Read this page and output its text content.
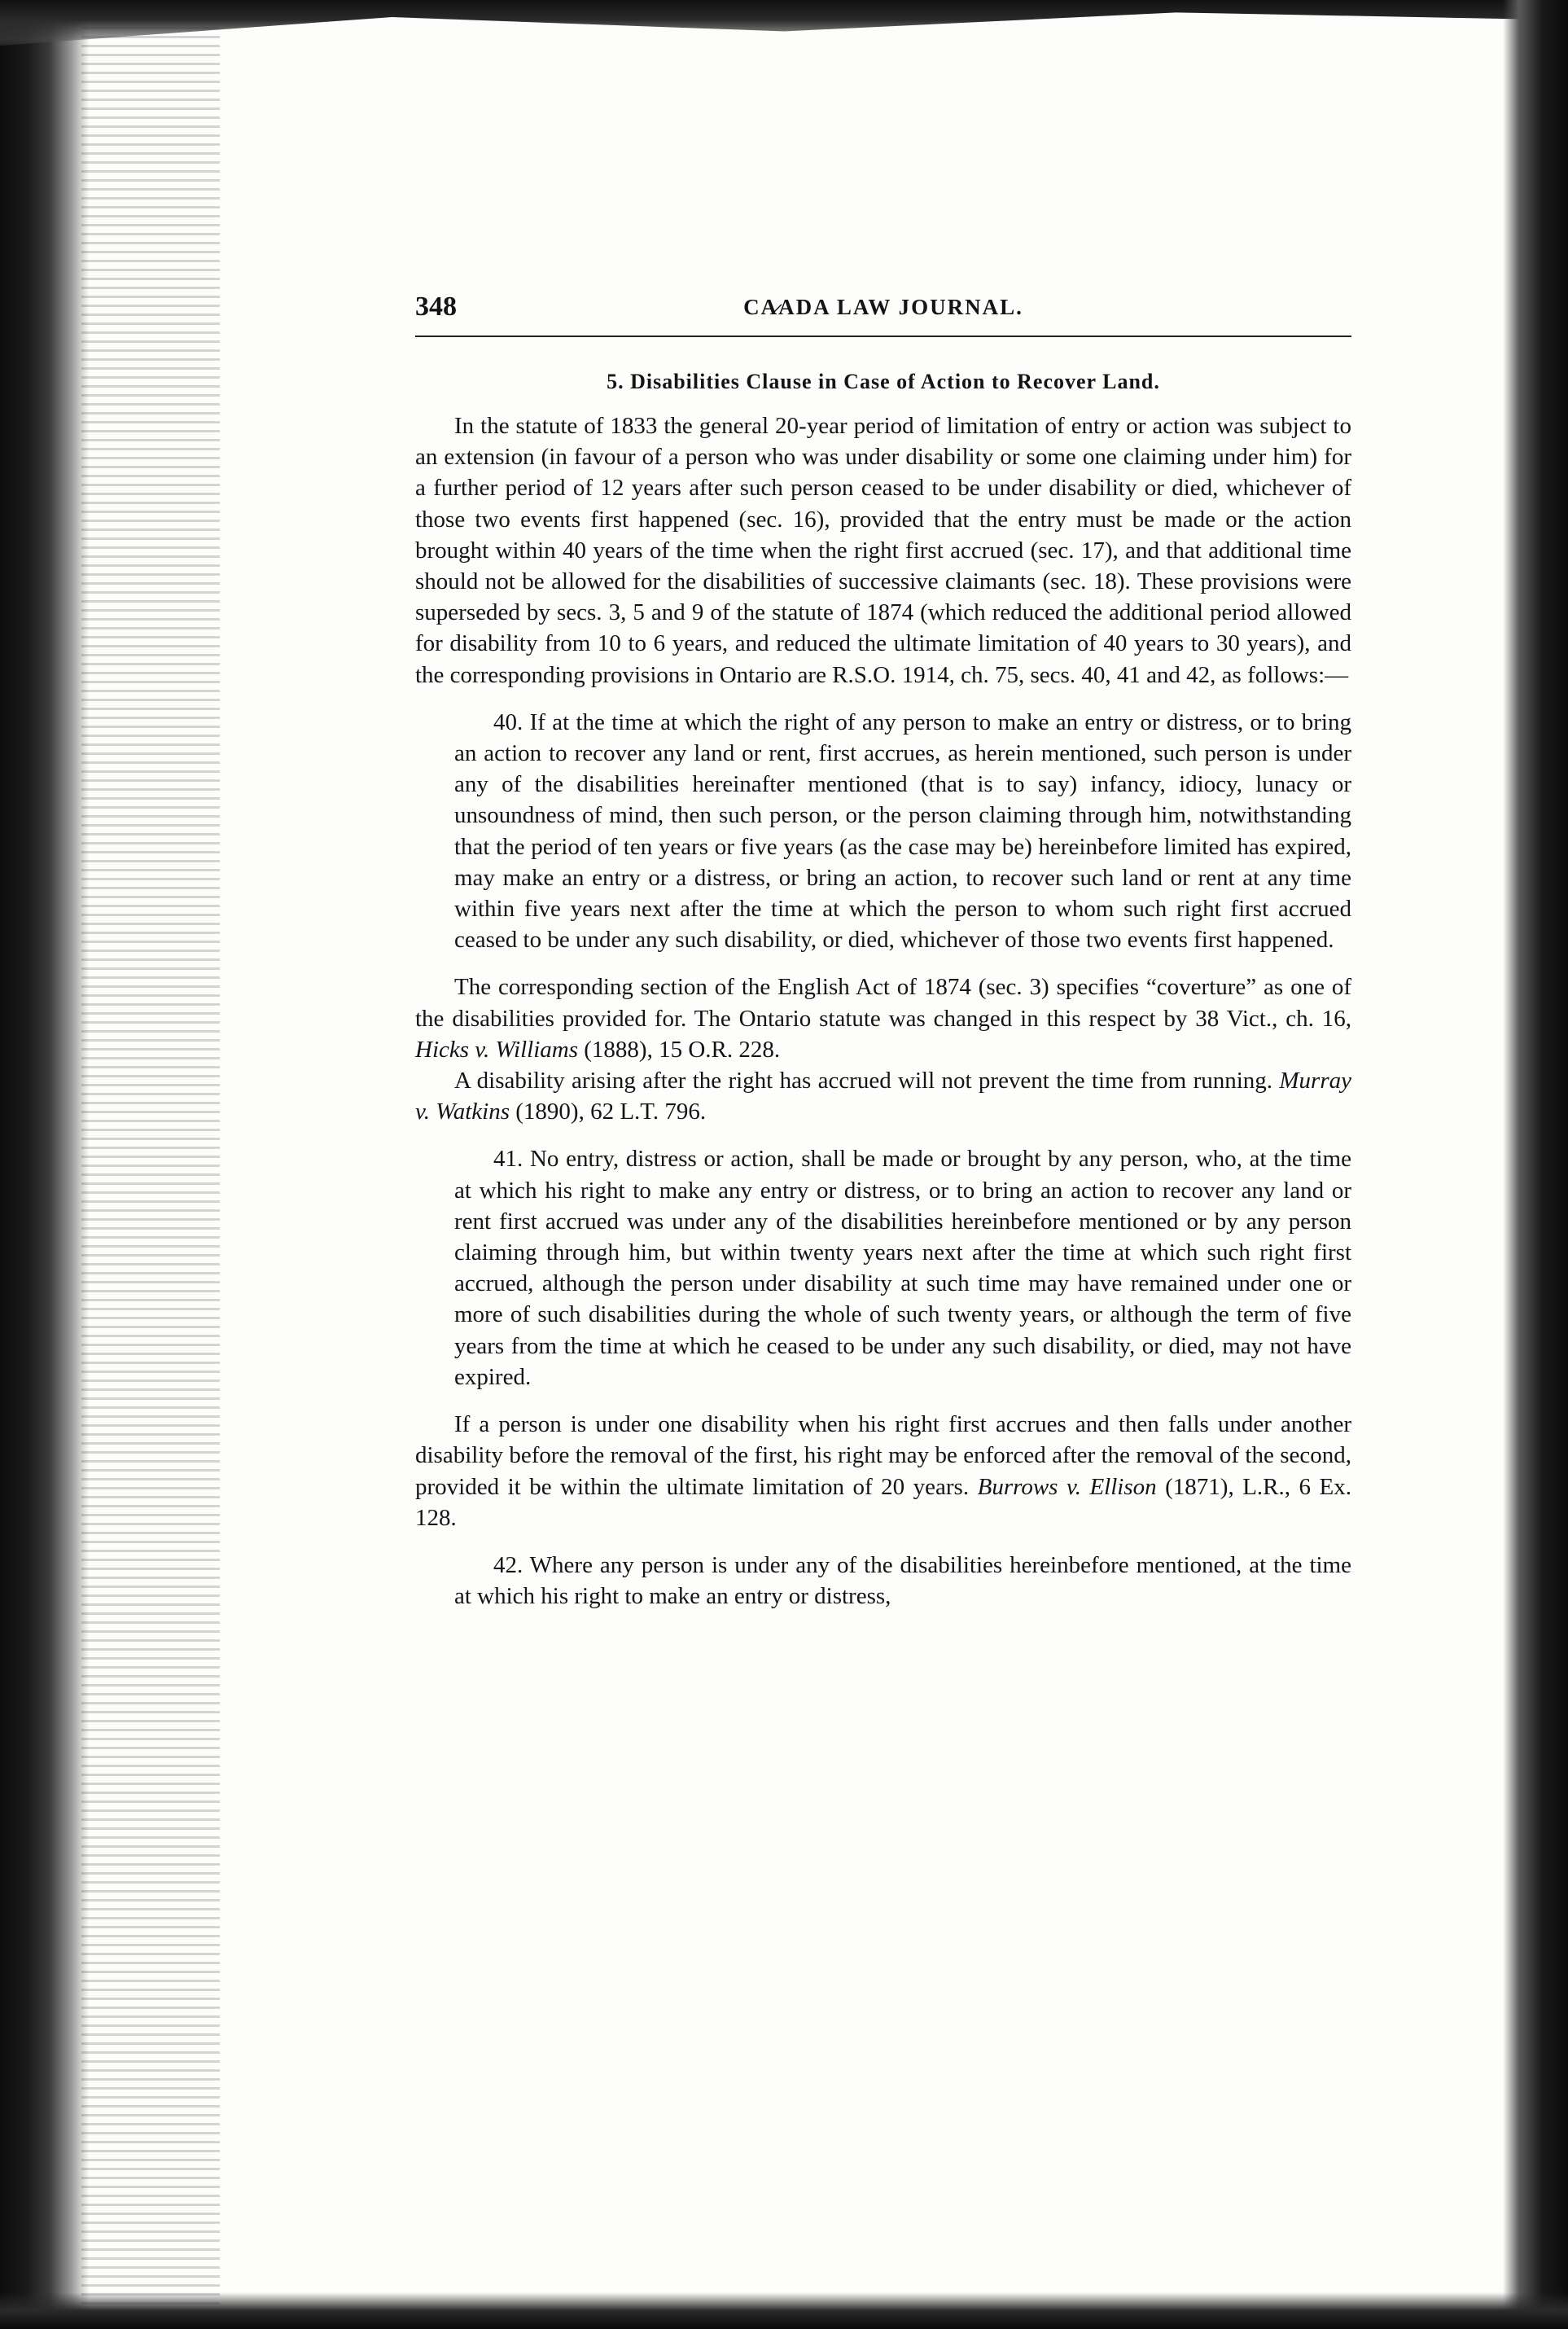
348	CA̷ADA LAW JOURNAL.
5. Disabilities Clause in Case of Action to Recover Land.

In the statute of 1833 the general 20-year period of limitation of entry or action was subject to an extension (in favour of a person who was under disability or some one claiming under him) for a further period of 12 years after such person ceased to be under disability or died, whichever of those two events first happened (sec. 16), provided that the entry must be made or the action brought within 40 years of the time when the right first accrued (sec. 17), and that additional time should not be allowed for the disabilities of successive claimants (sec. 18). These provisions were superseded by secs. 3, 5 and 9 of the statute of 1874 (which reduced the additional period allowed for disability from 10 to 6 years, and reduced the ultimate limitation of 40 years to 30 years), and the corresponding provisions in Ontario are R.S.O. 1914, ch. 75, secs. 40, 41 and 42, as follows:—

40. If at the time at which the right of any person to make an entry or distress, or to bring an action to recover any land or rent, first accrues, as herein mentioned, such person is under any of the disabilities hereinafter mentioned (that is to say) infancy, idiocy, lunacy or unsoundness of mind, then such person, or the person claiming through him, notwithstanding that the period of ten years or five years (as the case may be) hereinbefore limited has expired, may make an entry or a distress, or bring an action, to recover such land or rent at any time within five years next after the time at which the person to whom such right first accrued ceased to be under any such disability, or died, whichever of those two events first happened.

The corresponding section of the English Act of 1874 (sec. 3) specifies “coverture” as one of the disabilities provided for. The Ontario statute was changed in this respect by 38 Vict., ch. 16, Hicks v. Williams (1888), 15 O.R. 228.

A disability arising after the right has accrued will not prevent the time from running. Murray v. Watkins (1890), 62 L.T. 796.

41. No entry, distress or action, shall be made or brought by any person, who, at the time at which his right to make any entry or distress, or to bring an action to recover any land or rent first accrued was under any of the disabilities hereinbefore mentioned or by any person claiming through him, but within twenty years next after the time at which such right first accrued, although the person under disability at such time may have remained under one or more of such disabilities during the whole of such twenty years, or although the term of five years from the time at which he ceased to be under any such disability, or died, may not have expired.

If a person is under one disability when his right first accrues and then falls under another disability before the removal of the first, his right may be enforced after the removal of the second, provided it be within the ultimate limitation of 20 years. Burrows v. Ellison (1871), L.R., 6 Ex. 128.

42. Where any person is under any of the disabilities hereinbefore mentioned, at the time at which his right to make an entry or distress,
